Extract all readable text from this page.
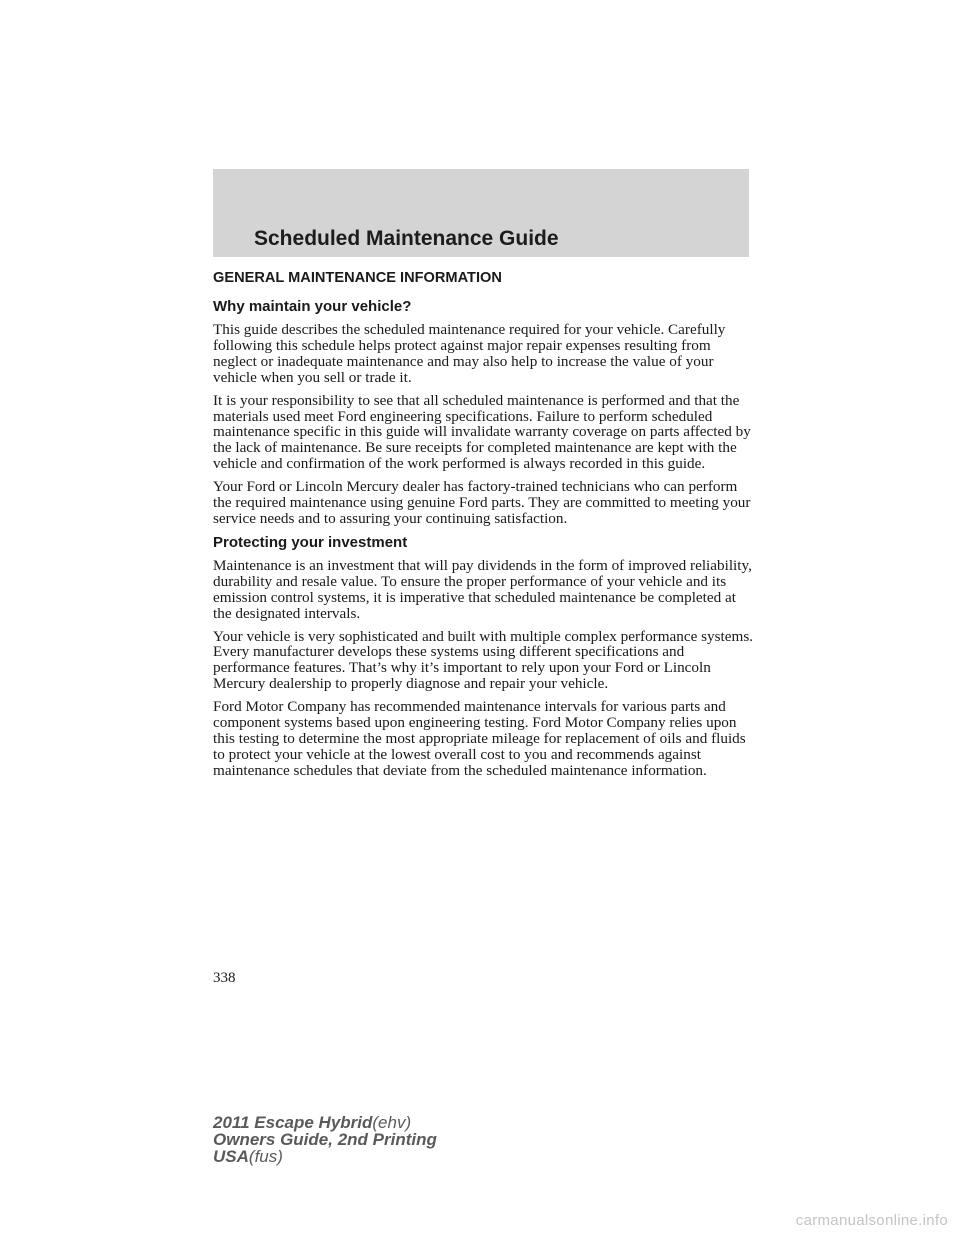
Scheduled Maintenance Guide
GENERAL MAINTENANCE INFORMATION
Why maintain your vehicle?

This guide describes the scheduled maintenance required for your vehicle. Carefully following this schedule helps protect against major repair expenses resulting from neglect or inadequate maintenance and may also help to increase the value of your vehicle when you sell or trade it.

It is your responsibility to see that all scheduled maintenance is performed and that the materials used meet Ford engineering specifications. Failure to perform scheduled maintenance specific in this guide will invalidate warranty coverage on parts affected by the lack of maintenance. Be sure receipts for completed maintenance are kept with the vehicle and confirmation of the work performed is always recorded in this guide.

Your Ford or Lincoln Mercury dealer has factory-trained technicians who can perform the required maintenance using genuine Ford parts. They are committed to meeting your service needs and to assuring your continuing satisfaction.

Protecting your investment

Maintenance is an investment that will pay dividends in the form of improved reliability, durability and resale value. To ensure the proper performance of your vehicle and its emission control systems, it is imperative that scheduled maintenance be completed at the designated intervals.

Your vehicle is very sophisticated and built with multiple complex performance systems. Every manufacturer develops these systems using different specifications and performance features. That’s why it’s important to rely upon your Ford or Lincoln Mercury dealership to properly diagnose and repair your vehicle.

Ford Motor Company has recommended maintenance intervals for various parts and component systems based upon engineering testing. Ford Motor Company relies upon this testing to determine the most appropriate mileage for replacement of oils and fluids to protect your vehicle at the lowest overall cost to you and recommends against maintenance schedules that deviate from the scheduled maintenance information.

338
2011 Escape Hybrid(ehv)
Owners Guide, 2nd Printing
USA(fus)
carmanualsonline.info
